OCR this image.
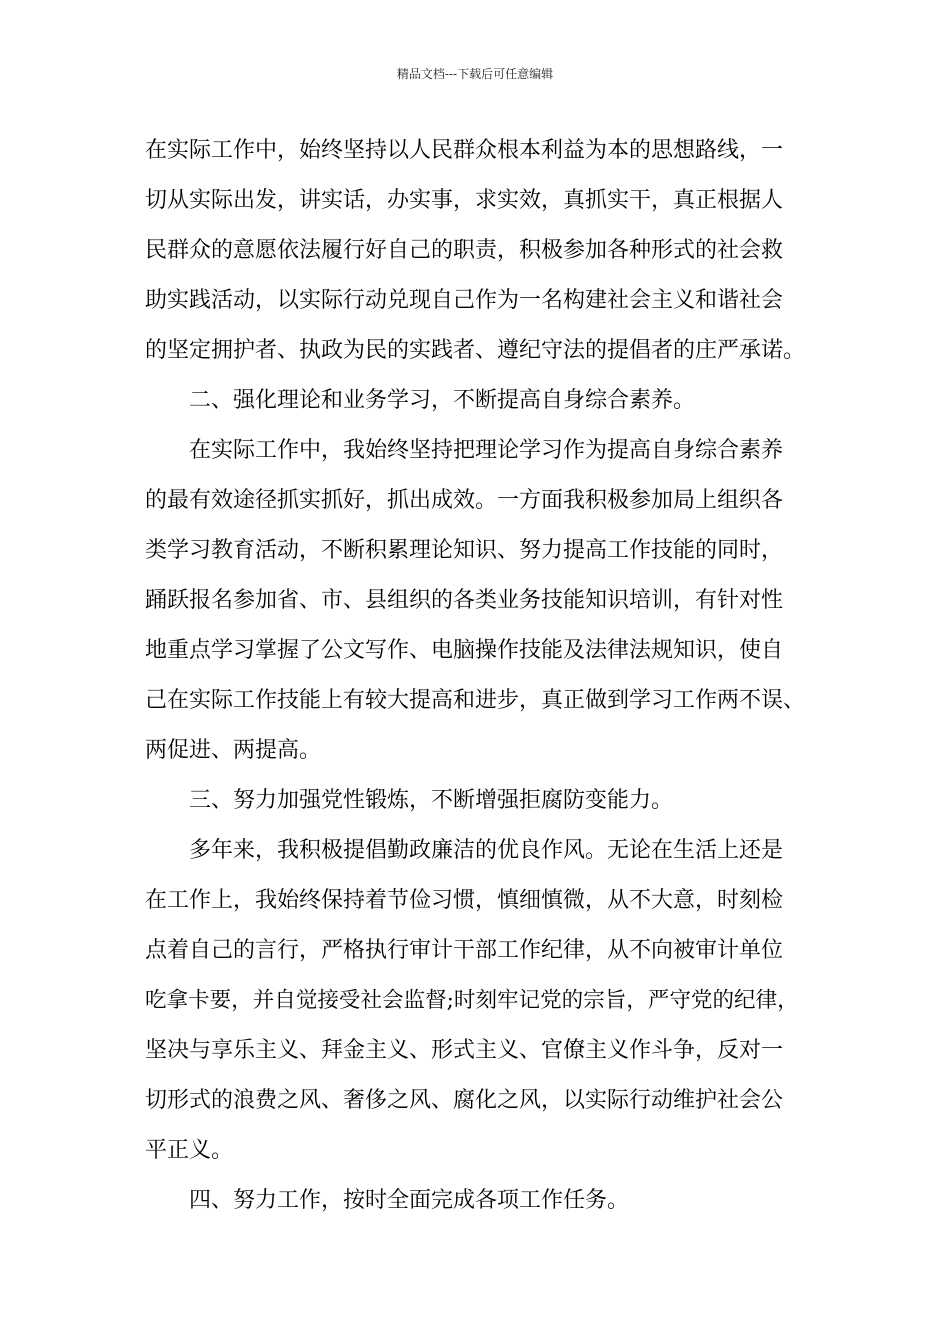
精品文档---下载后可任意编辑
在实际工作中，始终坚持以人民群众根本利益为本的思想路线，一
切从实际出发，讲实话，办实事，求实效，真抓实干，真正根据人
民群众的意愿依法履行好自己的职责，积极参加各种形式的社会救
助实践活动，以实际行动兑现自己作为一名构建社会主义和谐社会
的坚定拥护者、执政为民的实践者、遵纪守法的提倡者的庄严承诺。
二、强化理论和业务学习，不断提高自身综合素养。
在实际工作中，我始终坚持把理论学习作为提高自身综合素养
的最有效途径抓实抓好，抓出成效。一方面我积极参加局上组织各
类学习教育活动，不断积累理论知识、努力提高工作技能的同时，
踊跃报名参加省、市、县组织的各类业务技能知识培训，有针对性
地重点学习掌握了公文写作、电脑操作技能及法律法规知识，使自
己在实际工作技能上有较大提高和进步，真正做到学习工作两不误、
两促进、两提高。
三、努力加强党性锻炼，不断增强拒腐防变能力。
多年来，我积极提倡勤政廉洁的优良作风。无论在生活上还是
在工作上，我始终保持着节俭习惯，慎细慎微，从不大意，时刻检
点着自己的言行，严格执行审计干部工作纪律，从不向被审计单位
吃拿卡要，并自觉接受社会监督;时刻牢记党的宗旨，严守党的纪律，
坚决与享乐主义、拜金主义、形式主义、官僚主义作斗争，反对一
切形式的浪费之风、奢侈之风、腐化之风，以实际行动维护社会公
平正义。
四、努力工作，按时全面完成各项工作任务。
